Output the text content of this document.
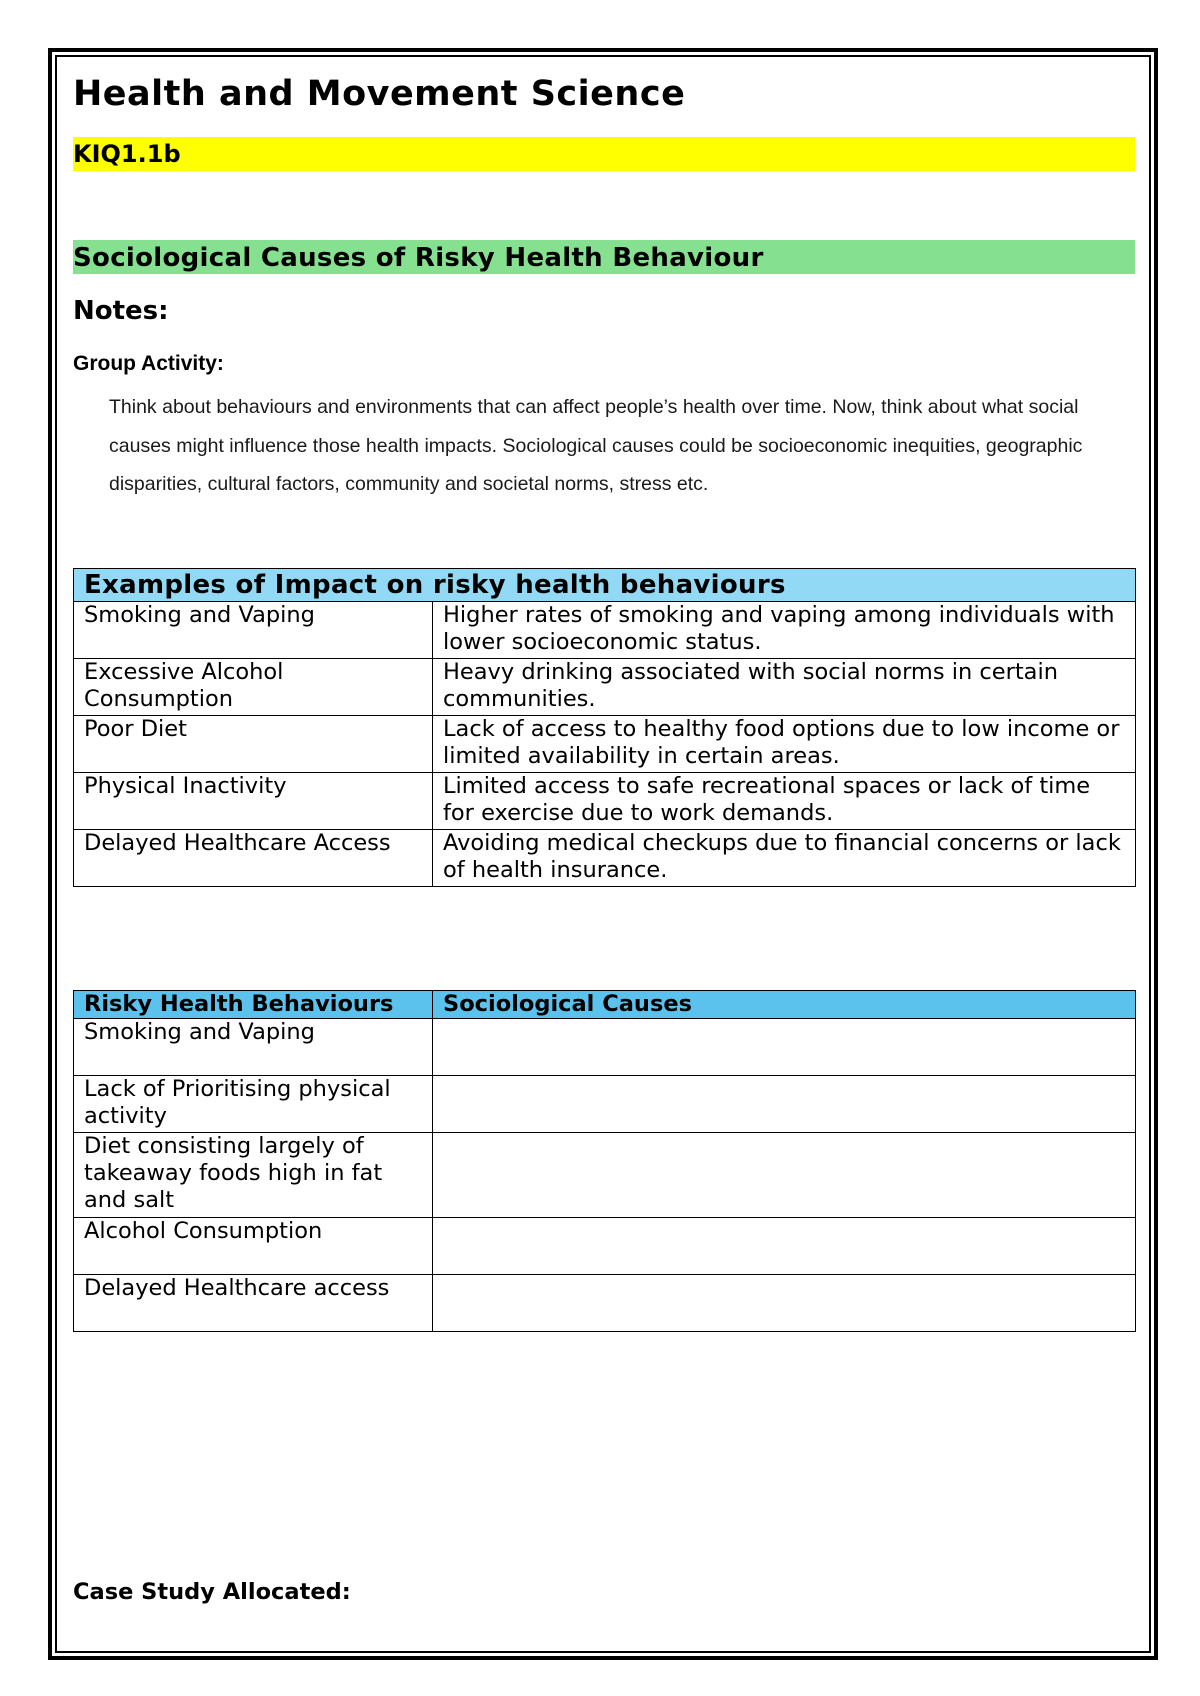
Health and Movement Science
KIQ1.1b
Sociological Causes of Risky Health Behaviour
Notes:
Group Activity:
Think about behaviours and environments that can affect people’s health over time. Now, think about what social causes might influence those health impacts. Sociological causes could be socioeconomic inequities, geographic disparities, cultural factors, community and societal norms, stress etc.
Examples of Impact on risky health behaviours	
Smoking and Vaping	Higher rates of smoking and vaping among individuals with lower socioeconomic status.
Excessive Alcohol Consumption	Heavy drinking associated with social norms in certain communities.
Poor Diet	Lack of access to healthy food options due to low income or limited availability in certain areas.
Physical Inactivity	Limited access to safe recreational spaces or lack of time for exercise due to work demands.
Delayed Healthcare Access	Avoiding medical checkups due to financial concerns or lack of health insurance.
Risky Health Behaviours	Sociological Causes
Smoking and Vaping	
Lack of Prioritising physical activity	
Diet consisting largely of takeaway foods high in fat and salt	
Alcohol Consumption	
Delayed Healthcare access	
Case Study Allocated:
